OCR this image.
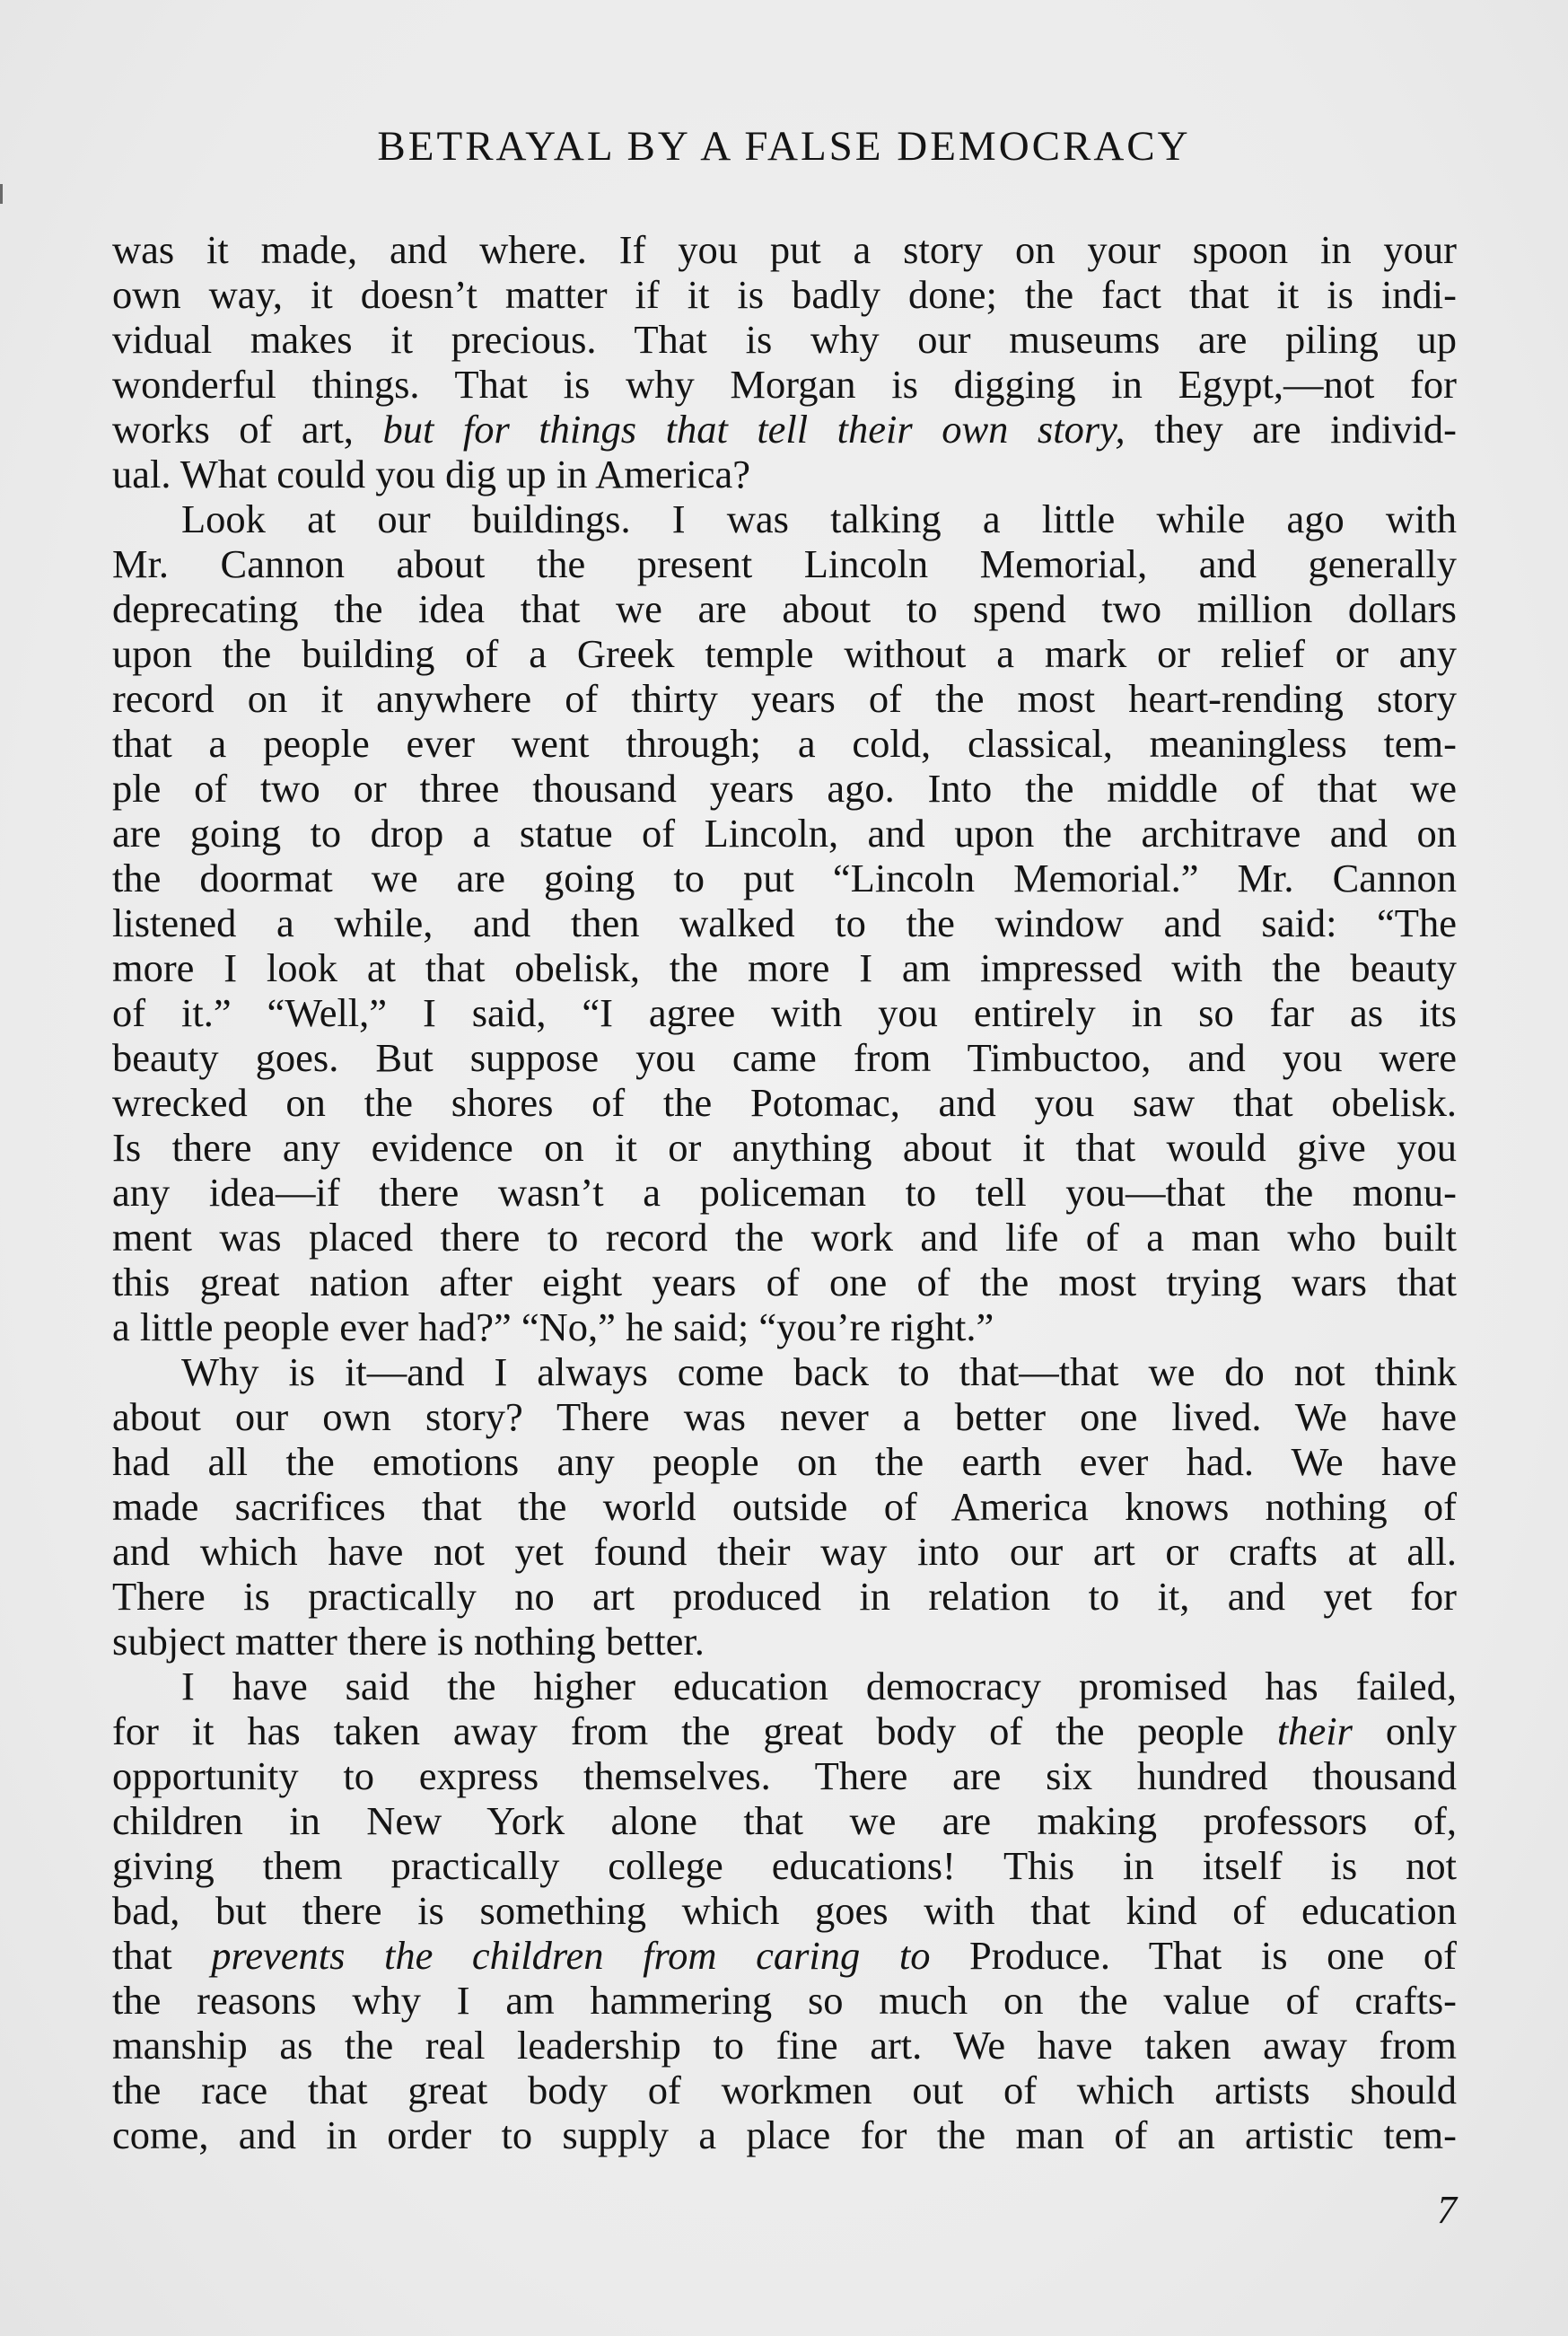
BETRAYAL BY A FALSE DEMOCRACY
was it made, and where. If you put a story on your spoon in your
own way, it doesn’t matter if it is badly done; the fact that it is indi-
vidual makes it precious. That is why our museums are piling up
wonderful things. That is why Morgan is digging in Egypt,—not for
works of art, but for things that tell their own story, they are individ-
ual. What could you dig up in America?
Look at our buildings. I was talking a little while ago with
Mr. Cannon about the present Lincoln Memorial, and generally
deprecating the idea that we are about to spend two million dollars
upon the building of a Greek temple without a mark or relief or any
record on it anywhere of thirty years of the most heart-rending story
that a people ever went through; a cold, classical, meaningless tem-
ple of two or three thousand years ago. Into the middle of that we
are going to drop a statue of Lincoln, and upon the architrave and on
the doormat we are going to put “Lincoln Memorial.” Mr. Cannon
listened a while, and then walked to the window and said: “The
more I look at that obelisk, the more I am impressed with the beauty
of it.” “Well,” I said, “I agree with you entirely in so far as its
beauty goes. But suppose you came from Timbuctoo, and you were
wrecked on the shores of the Potomac, and you saw that obelisk.
Is there any evidence on it or anything about it that would give you
any idea—if there wasn’t a policeman to tell you—that the monu-
ment was placed there to record the work and life of a man who built
this great nation after eight years of one of the most trying wars that
a little people ever had?” “No,” he said; “you’re right.”
Why is it—and I always come back to that—that we do not think
about our own story? There was never a better one lived. We have
had all the emotions any people on the earth ever had. We have
made sacrifices that the world outside of America knows nothing of
and which have not yet found their way into our art or crafts at all.
There is practically no art produced in relation to it, and yet for
subject matter there is nothing better.
I have said the higher education democracy promised has failed,
for it has taken away from the great body of the people their only
opportunity to express themselves. There are six hundred thousand
children in New York alone that we are making professors of,
giving them practically college educations! This in itself is not
bad, but there is something which goes with that kind of education
that prevents the children from caring to Produce. That is one of
the reasons why I am hammering so much on the value of crafts-
manship as the real leadership to fine art. We have taken away from
the race that great body of workmen out of which artists should
come, and in order to supply a place for the man of an artistic tem-
7
